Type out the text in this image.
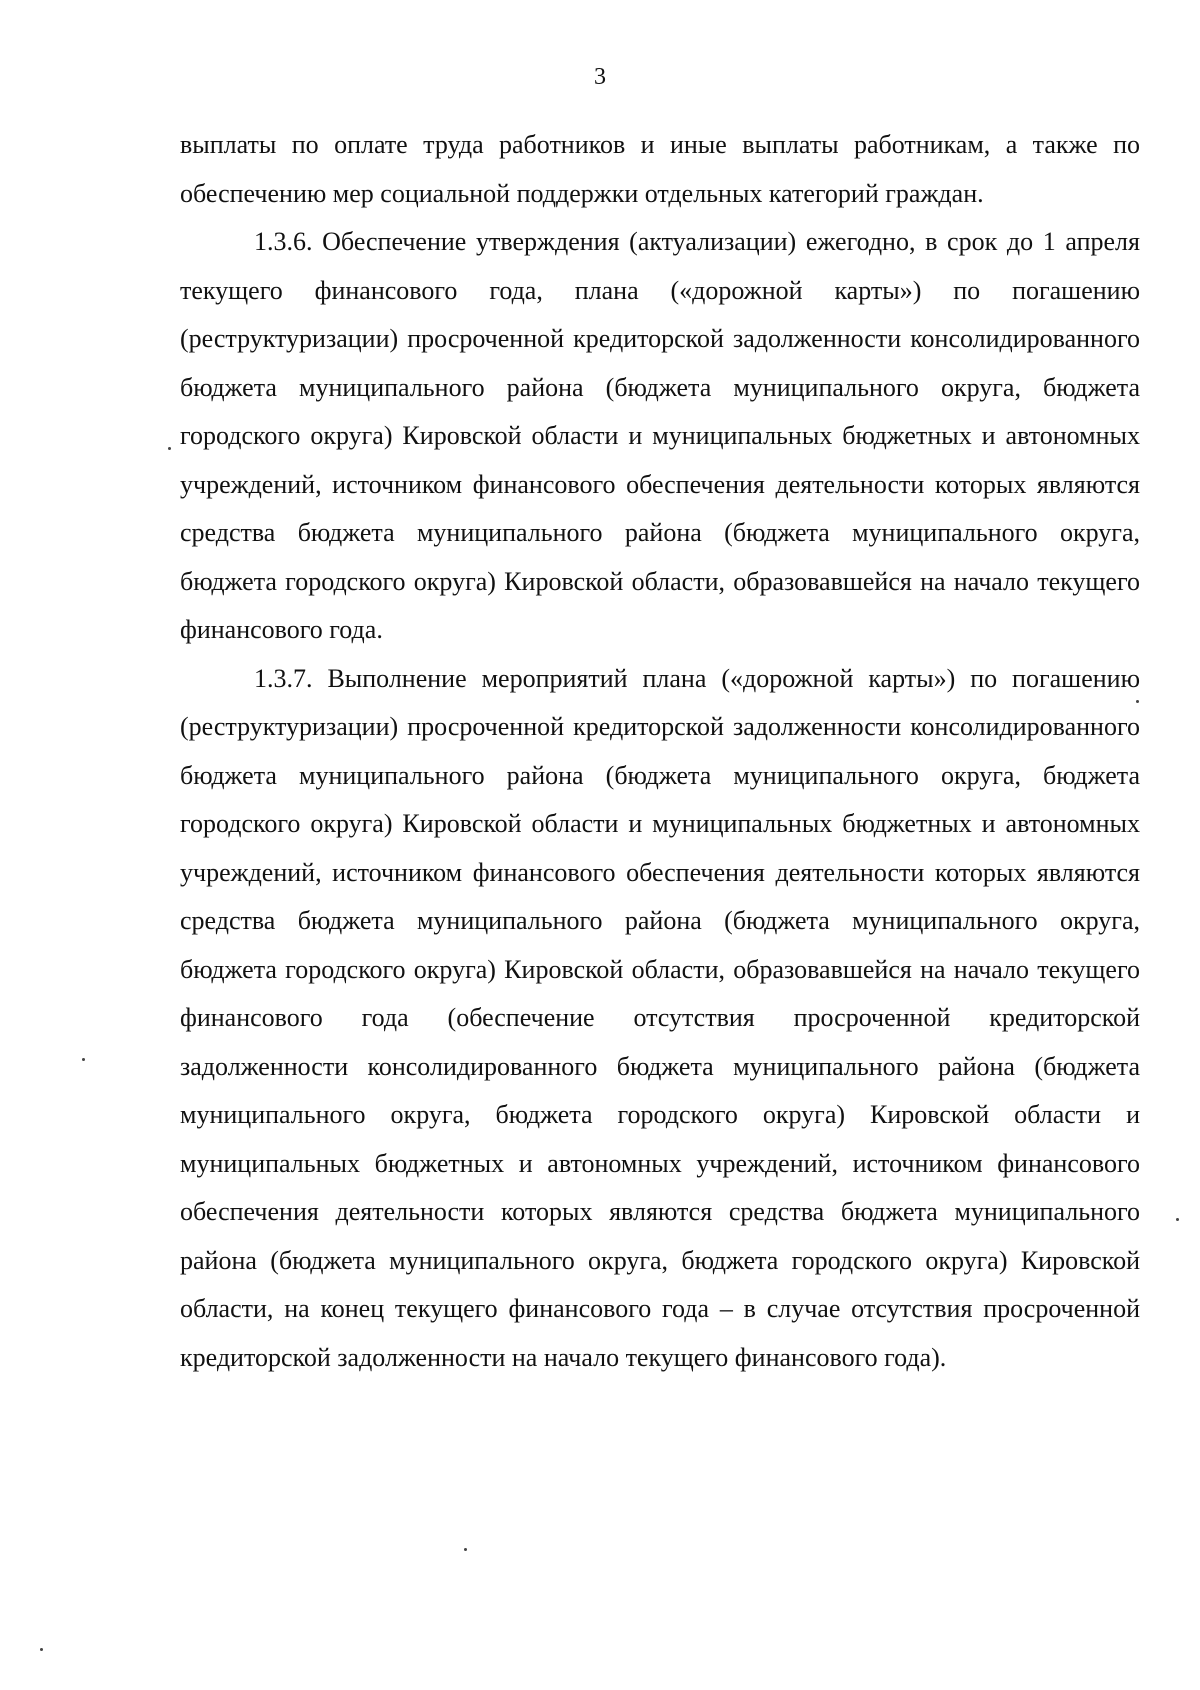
3

выплаты по оплате труда работников и иные выплаты работникам, а также по обеспечению мер социальной поддержки отдельных категорий граждан.

1.3.6. Обеспечение утверждения (актуализации) ежегодно, в срок до 1 апреля текущего финансового года, плана («дорожной карты») по погашению (реструктуризации) просроченной кредиторской задолженности консолидированного бюджета муниципального района (бюджета муниципального округа, бюджета городского округа) Кировской области и муниципальных бюджетных и автономных учреждений, источником финансового обеспечения деятельности которых являются средства бюджета муниципального района (бюджета муниципального округа, бюджета городского округа) Кировской области, образовавшейся на начало текущего финансового года.

1.3.7. Выполнение мероприятий плана («дорожной карты») по погашению (реструктуризации) просроченной кредиторской задолженности консолидированного бюджета муниципального района (бюджета муниципального округа, бюджета городского округа) Кировской области и муниципальных бюджетных и автономных учреждений, источником финансового обеспечения деятельности которых являются средства бюджета муниципального района (бюджета муниципального округа, бюджета городского округа) Кировской области, образовавшейся на начало текущего финансового года (обеспечение отсутствия просроченной кредиторской задолженности консолидированного бюджета муниципального района (бюджета муниципального округа, бюджета городского округа) Кировской области и муниципальных бюджетных и автономных учреждений, источником финансового обеспечения деятельности которых являются средства бюджета муниципального района (бюджета муниципального округа, бюджета городского округа) Кировской области, на конец текущего финансового года – в случае отсутствия просроченной кредиторской задолженности на начало текущего финансового года).
